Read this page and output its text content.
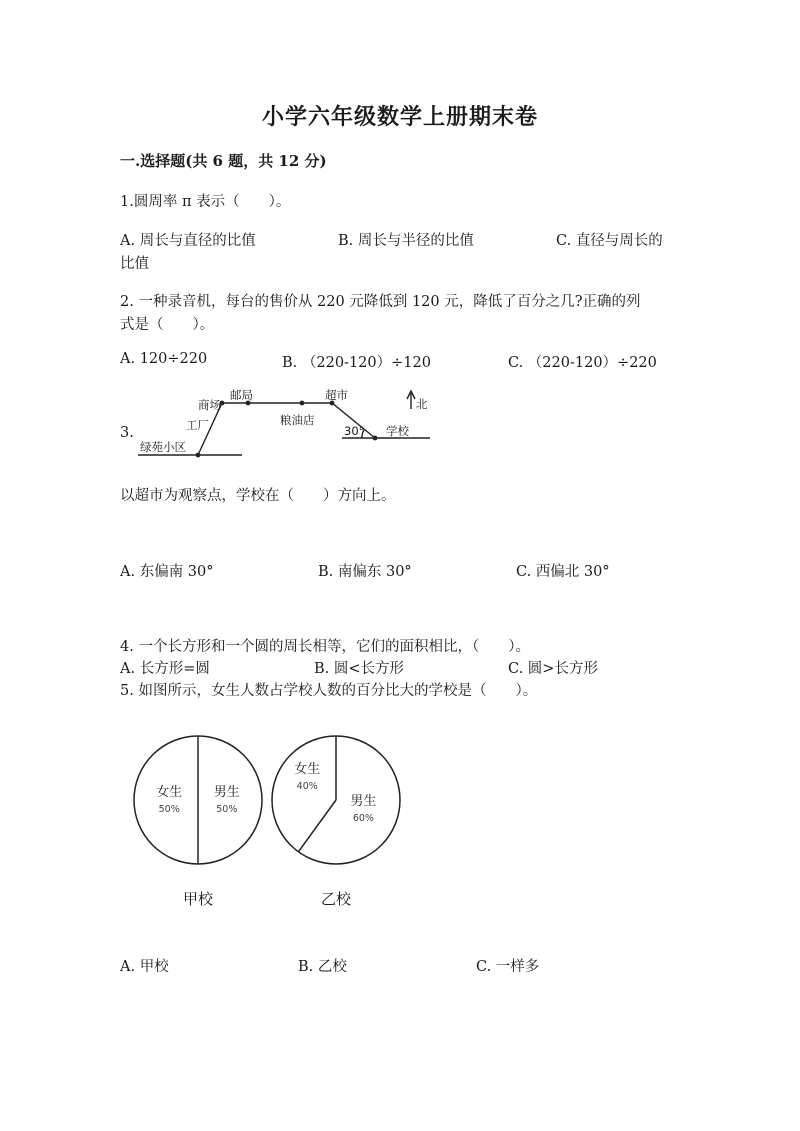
小学六年级数学上册期末卷
一.选择题(共 6 题，共 12 分)
1.圆周率 π 表示（　　）。
A. 周长与直径的比值	B. 周长与半径的比值	C. 直径与周长的
比值
2. 一种录音机，每台的售价从 220 元降低到 120 元，降低了百分之几?正确的列
式是（　　）。
A. 120÷220	B. （220-120）÷120	C. （220-120）÷220
3.
绿苑小区
工厂
商场
邮局
粮油店
超市
30° 学校
北
以超市为观察点，学校在（　　）方向上。
A. 东偏南 30°	B. 南偏东 30°	C. 西偏北 30°
4. 一个长方形和一个圆的周长相等，它们的面积相比，（　　）。
A. 长方形=圆	B. 圆<长方形	C. 圆>长方形
5. 如图所示，女生人数占学校人数的百分比大的学校是（　　）。
女生
50%
男生
50%
甲校
女生
40%
男生
60%
乙校
A. 甲校	B. 乙校	C. 一样多
